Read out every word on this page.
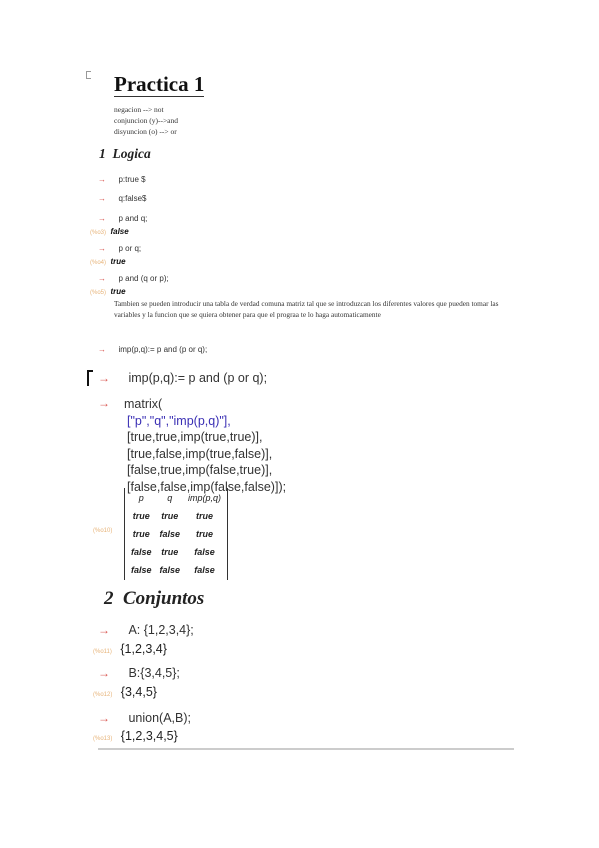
Practica 1
negacion --> not
conjuncion (y)-->and
disyuncion (o) --> or
1 Logica
→ p:true $
→ q:false$
→ p and q;
(%o3) false
→ p or q;
(%o4) true
→ p and (q or p);
(%o5) true
Tambien se pueden introducir una tabla de verdad comuna matriz tal que se introduzcan los diferentes valores que pueden tomar las variables y la funcion que se quiera obtener para que el prograa te lo haga automaticamente
→ imp(p,q):= p and (p or q);
→ imp(p,q):= p and (p or q);
→ matrix(
["p","q","imp(p,q)"],
[true,true,imp(true,true)],
[true,false,imp(true,false)],
[false,true,imp(false,true)],
[false,false,imp(false,false)]);
(%o10)
p	q	imp(p,q)
true	true	true
true	false	true
false	true	false
false	false	false
2 Conjuntos
→ A: {1,2,3,4};
(%o11) {1,2,3,4}
→ B:{3,4,5};
(%o12) {3,4,5}
→ union(A,B);
(%o13) {1,2,3,4,5}
